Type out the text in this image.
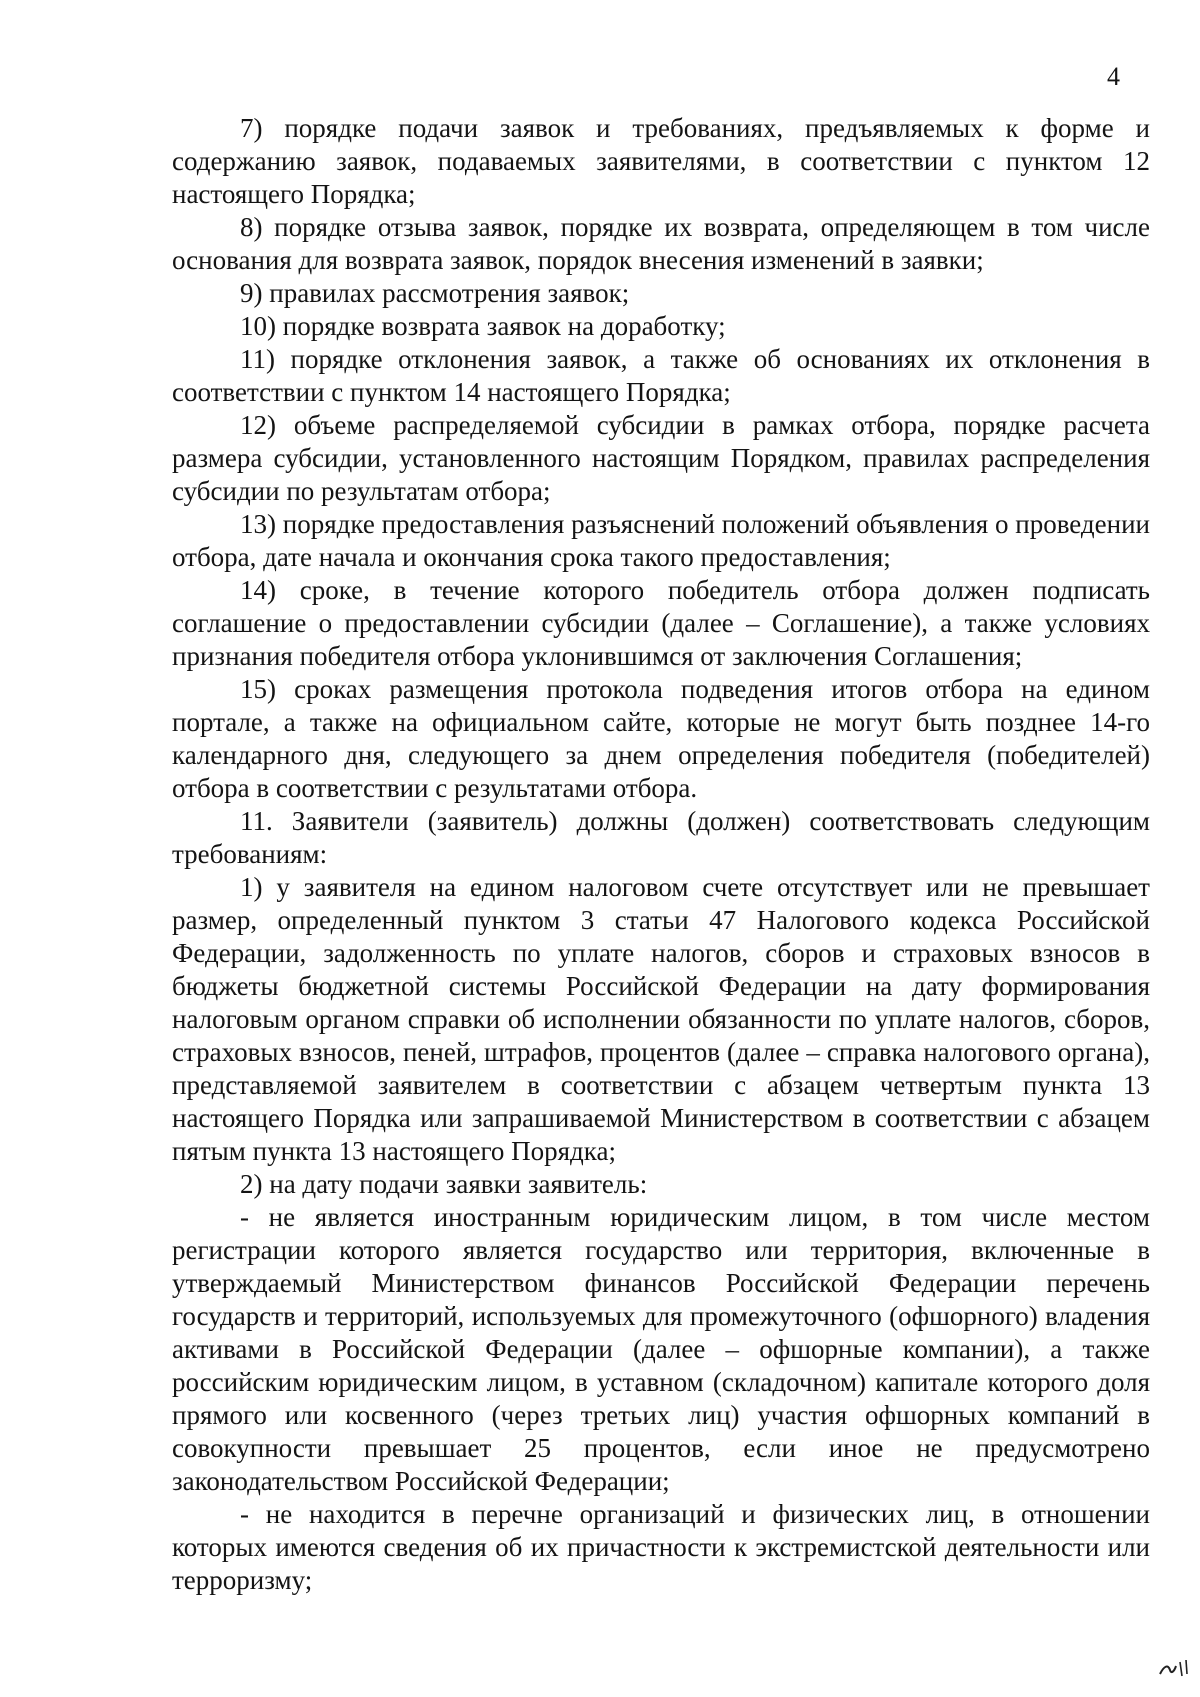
4

7) порядке подачи заявок и требованиях, предъявляемых к форме и содержанию заявок, подаваемых заявителями, в соответствии с пунктом 12 настоящего Порядка;

8) порядке отзыва заявок, порядке их возврата, определяющем в том числе основания для возврата заявок, порядок внесения изменений в заявки;

9) правилах рассмотрения заявок;

10) порядке возврата заявок на доработку;

11) порядке отклонения заявок, а также об основаниях их отклонения в соответствии с пунктом 14 настоящего Порядка;

12) объеме распределяемой субсидии в рамках отбора, порядке расчета размера субсидии, установленного настоящим Порядком, правилах распределения субсидии по результатам отбора;

13) порядке предоставления разъяснений положений объявления о проведении отбора, дате начала и окончания срока такого предоставления;

14) сроке, в течение которого победитель отбора должен подписать соглашение о предоставлении субсидии (далее – Соглашение), а также условиях признания победителя отбора уклонившимся от заключения Соглашения;

15) сроках размещения протокола подведения итогов отбора на едином портале, а также на официальном сайте, которые не могут быть позднее 14-го календарного дня, следующего за днем определения победителя (победителей) отбора в соответствии с результатами отбора.

11. Заявители (заявитель) должны (должен) соответствовать следующим требованиям:

1) у заявителя на едином налоговом счете отсутствует или не превышает размер, определенный пунктом 3 статьи 47 Налогового кодекса Российской Федерации, задолженность по уплате налогов, сборов и страховых взносов в бюджеты бюджетной системы Российской Федерации на дату формирования налоговым органом справки об исполнении обязанности по уплате налогов, сборов, страховых взносов, пеней, штрафов, процентов (далее – справка налогового органа), представляемой заявителем в соответствии с абзацем четвертым пункта 13 настоящего Порядка или запрашиваемой Министерством в соответствии с абзацем пятым пункта 13 настоящего Порядка;

2) на дату подачи заявки заявитель:

- не является иностранным юридическим лицом, в том числе местом регистрации которого является государство или территория, включенные в утверждаемый Министерством финансов Российской Федерации перечень государств и территорий, используемых для промежуточного (офшорного) владения активами в Российской Федерации (далее – офшорные компании), а также российским юридическим лицом, в уставном (складочном) капитале которого доля прямого или косвенного (через третьих лиц) участия офшорных компаний в совокупности превышает 25 процентов, если иное не предусмотрено законодательством Российской Федерации;

- не находится в перечне организаций и физических лиц, в отношении которых имеются сведения об их причастности к экстремистской деятельности или терроризму;
